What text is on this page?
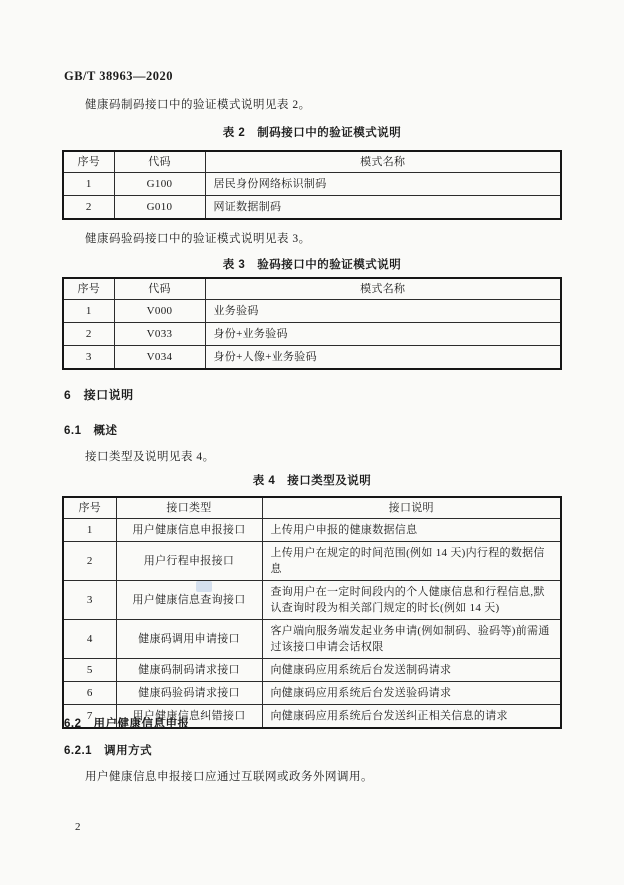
GB/T 38963—2020
健康码制码接口中的验证模式说明见表 2。
表 2　制码接口中的验证模式说明
序号	代码	模式名称
1	G100	居民身份网络标识制码
2	G010	网证数据制码
健康码验码接口中的验证模式说明见表 3。
表 3　验码接口中的验证模式说明
序号	代码	模式名称
1	V000	业务验码
2	V033	身份+业务验码
3	V034	身份+人像+业务验码
6　接口说明
6.1　概述
接口类型及说明见表 4。
表 4　接口类型及说明
序号	接口类型	接口说明
1	用户健康信息申报接口	上传用户申报的健康数据信息
2	用户行程申报接口	上传用户在规定的时间范围(例如 14 天)内行程的数据信息
3	用户健康信息查询接口	查询用户在一定时间段内的个人健康信息和行程信息,默认查询时段为相关部门规定的时长(例如 14 天)
4	健康码调用申请接口	客户端向服务端发起业务申请(例如制码、验码等)前需通过该接口申请会话权限
5	健康码制码请求接口	向健康码应用系统后台发送制码请求
6	健康码验码请求接口	向健康码应用系统后台发送验码请求
7	用户健康信息纠错接口	向健康码应用系统后台发送纠正相关信息的请求
6.2　用户健康信息申报
6.2.1　调用方式
用户健康信息申报接口应通过互联网或政务外网调用。
2
